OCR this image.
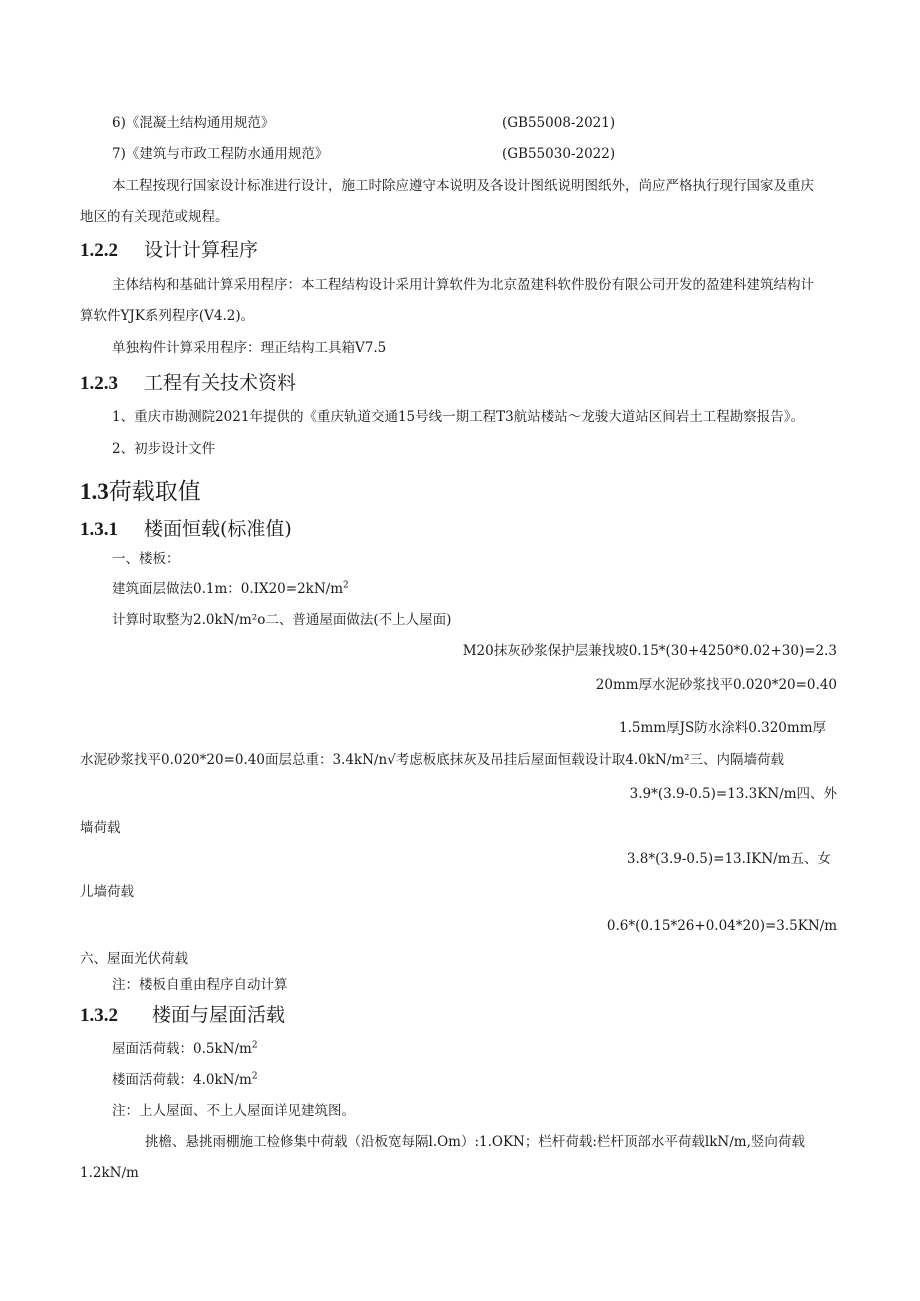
6)《混凝土结构通用规范》	(GB55008-2021)
7)《建筑与市政工程防水通用规范》	(GB55030-2022)
本工程按现行国家设计标准进行设计，施工时除应遵守本说明及各设计图纸说明图纸外，尚应严格执行现行国家及重庆
地区的有关现范或规程。
1.2.2 设计计算程序
主体结构和基础计算采用程序：本工程结构设计采用计算软件为北京盈建科软件股份有限公司开发的盈建科建筑结构计
算软件YJK系列程序(V4.2)。
单独构件计算采用程序：理正结构工具箱V7.5
1.2.3 工程有关技术资料
1、重庆市勘测院2021年提供的《重庆轨道交通15号线一期工程T3航站楼站～龙骏大道站区间岩土工程勘察报告》。
2、初步设计文件
1.3荷载取值
1.3.1 楼面恒载(标准值)
一、楼板：
建筑面层做法0.1m：$0.IX20=2kN∕m^2$
计算时取整为2.0kN∕m²o二、普通屋面做法(不上人屋面)
M20抹灰砂浆保护层兼找坡0.15*(30+4250*0.02+30)=2.3
20mm厚水泥砂浆找平0.020*20=0.40
1.5mm厚JS防水涂料0.320mm厚
水泥砂浆找平0.020*20=0.40面层总重：3.4kN∕n√考虑板底抹灰及吊挂后屋面恒载设计取4.0kN∕m²三、内隔墙荷载
3.9*(3.9-0.5)=13.3KN∕m四、外
墙荷载
3.8*(3.9-0.5)=13.IKN/m五、女
儿墙荷载
0.6*(0.15*26+0.04*20)=3.5KN∕m
六、屋面光伏荷载
注：楼板自重由程序自动计算
1.3.2 楼面与屋面活载
屋面活荷载：$0.5kN∕m^2$
楼面活荷载：$4.0kN∕m^2$
注：上人屋面、不上人屋面详见建筑图。
挑檐、悬挑雨棚施工检修集中荷载（沿板宽每隔l.Om）:1.OKN；栏杆荷载:栏杆顶部水平荷载lkN∕m,竖向荷载
1.2kN∕m
